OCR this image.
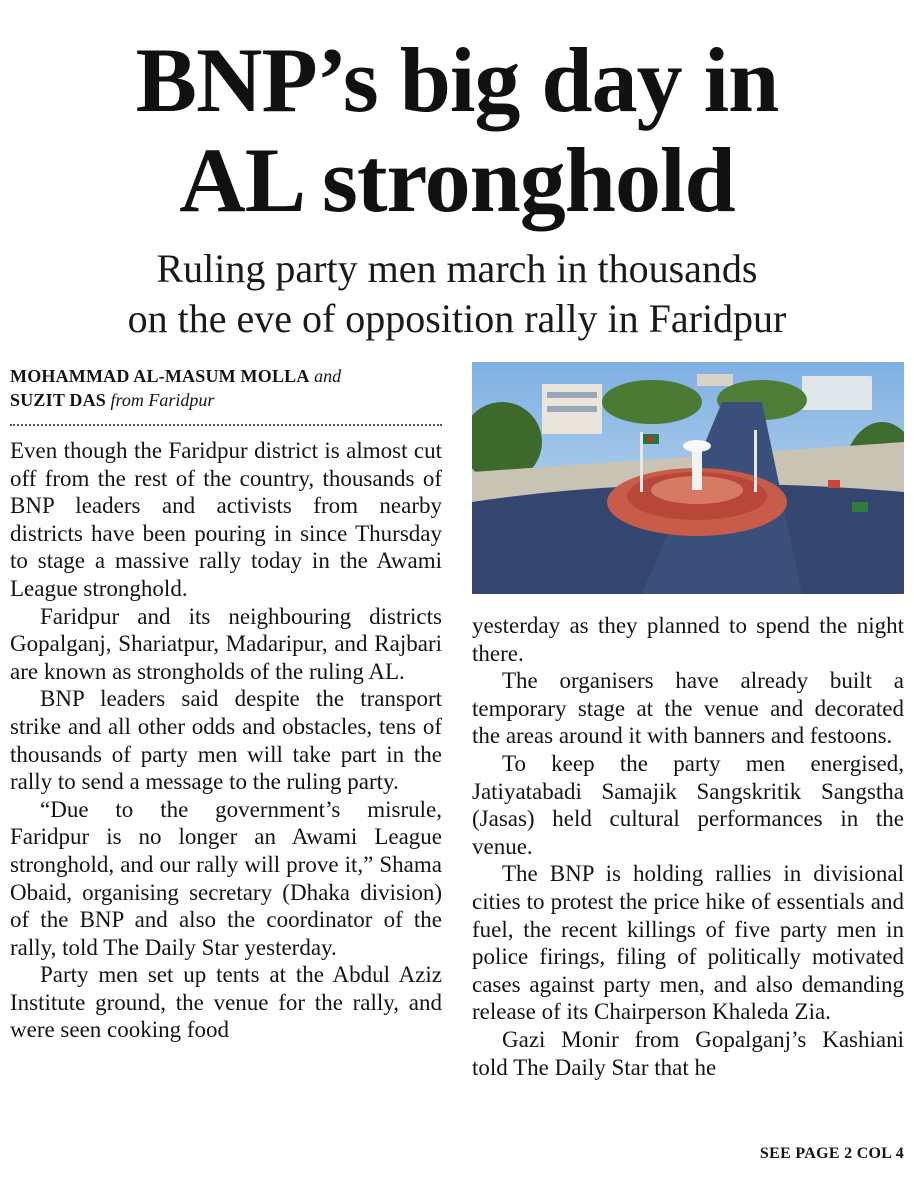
BNP’s big day in
AL stronghold
Ruling party men march in thousands
on the eve of opposition rally in Faridpur
MOHAMMAD AL-MASUM MOLLA and
SUZIT DAS from Faridpur

Even though the Faridpur district is almost cut off from the rest of the country, thousands of BNP leaders and activists from nearby districts have been pouring in since Thursday to stage a massive rally today in the Awami League stronghold.

Faridpur and its neighbouring districts Gopalganj, Shariatpur, Madaripur, and Rajbari are known as strongholds of the ruling AL.

BNP leaders said despite the transport strike and all other odds and obstacles, tens of thousands of party men will take part in the rally to send a message to the ruling party.

“Due to the government’s misrule, Faridpur is no longer an Awami League stronghold, and our rally will prove it,” Shama Obaid, organising secretary (Dhaka division) of the BNP and also the coordinator of the rally, told The Daily Star yesterday.

Party men set up tents at the Abdul Aziz Institute ground, the venue for the rally, and were seen cooking food

yesterday as they planned to spend the night there.

The organisers have already built a temporary stage at the venue and decorated the areas around it with banners and festoons.

To keep the party men energised, Jatiyatabadi Samajik Sangskritik Sangstha (Jasas) held cultural performances in the venue.

The BNP is holding rallies in divisional cities to protest the price hike of essentials and fuel, the recent killings of five party men in police firings, filing of politically motivated cases against party men, and also demanding release of its Chairperson Khaleda Zia.

Gazi Monir from Gopalganj’s Kashiani told The Daily Star that he

SEE PAGE 2 COL 4
